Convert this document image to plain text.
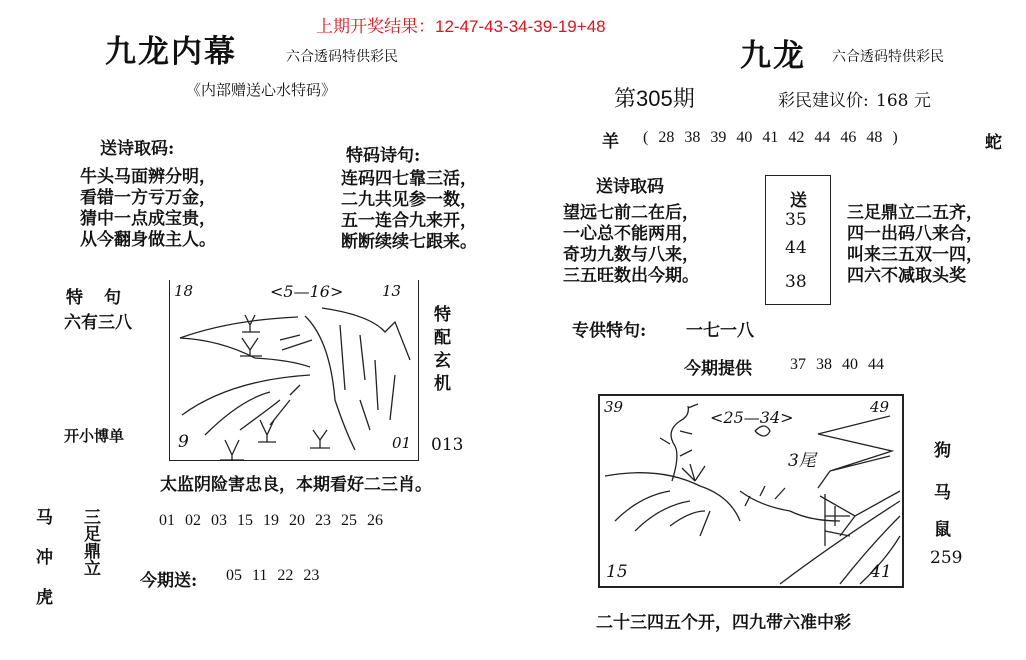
上期开奖结果：12-47-43-34-39-19+48
九龙内幕	六合透码特供彩民
《内部赠送心水特码》
送诗取码:
牛头马面辨分明，
看错一方亏万金，
猜中一点成宝贵，
从今翻身做主人。
特码诗句:
连码四七靠三活，
二九共见参一数，
五一连合九来开，
断断续续七跟来。
特　句
六有三八
开小博单
18	13
9	01
<5—16>
特配玄机
013
太监阴险害忠良，本期看好二三肖。
马
冲
虎
三足鼎立	01 02 03 15 19 20 23 25 26
今期送: 05 11 22 23
九龙 六合透码特供彩民
第305期	彩民建议价: 168 元
羊 ( 28 38 39 40 41 42 44 46 48 )	蛇
送诗取码
望远七前二在后，
一心总不能两用，
奇功九数与八来，
三五旺数出今期。
送
35
44
38
三足鼎立二五齐，
四一出码八来合，
叫来三五双一四，
四六不减取头奖
专供特句: 一七一八
今期提供 37 38 40 44
39	49
15	41
<25—34>
3尾	狗
马
鼠
259
二十三四五个开，四九带六准中彩
